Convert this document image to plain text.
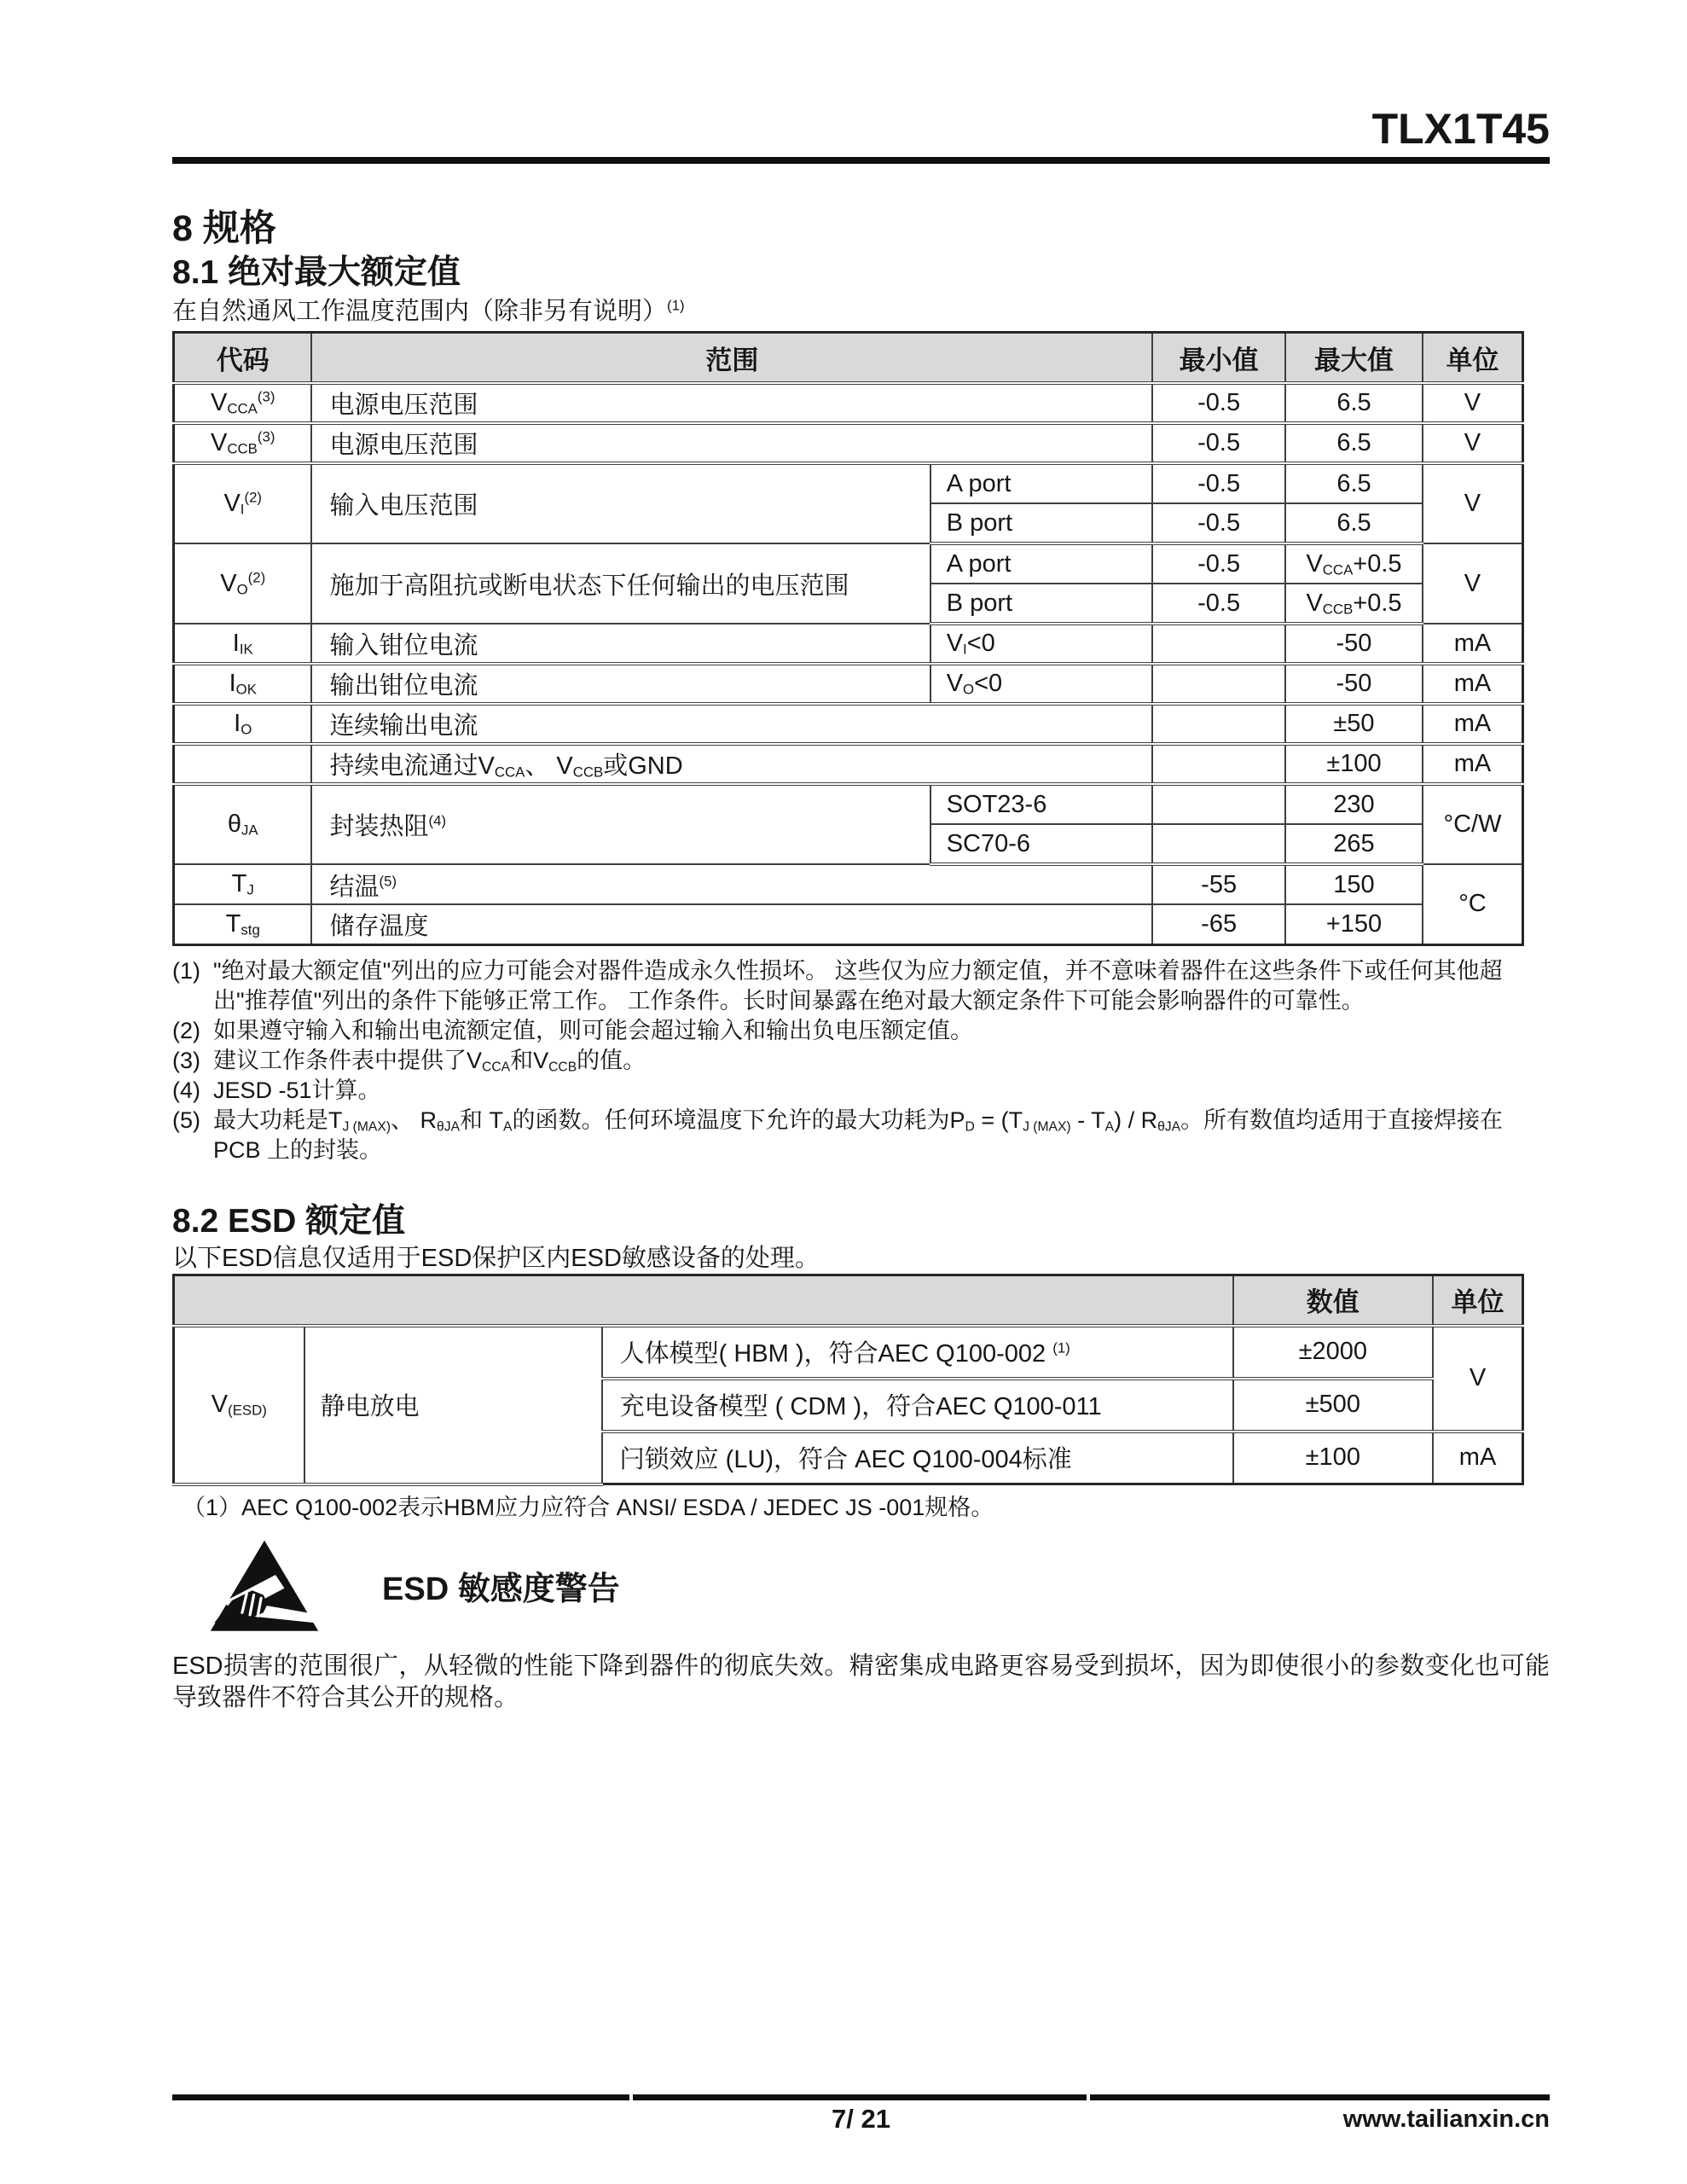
TLX1T45
8 规格
8.1 绝对最大额定值
在自然通风工作温度范围内（除非另有说明）$^{(1)}$
代码	范围		最小值	最大值	单位
$V_{CCA}^{(3)}$	电源电压范围		-0.5	6.5	V
$V_{CCB}^{(3)}$	电源电压范围		-0.5	6.5	V
$V_I^{(2)}$	输入电压范围	A port	-0.5	6.5	V
		B port	-0.5	6.5	
$V_O^{(2)}$	施加于高阻抗或断电状态下任何输出的电压范围	A port	-0.5	$V_{CCA}+0.5$	V
		B port	-0.5	$V_{CCB}+0.5$	
$I_{IK}$	输入钳位电流	$V_I<0$		-50	mA
$I_{OK}$	输出钳位电流	$V_O<0$		-50	mA
$I_O$	连续输出电流			±50	mA
	持续电流通过$V_{CCA}$、 $V_{CCB}$或GND			±100	mA
$\theta_{JA}$	封装热阻$^{(4)}$	SOT23-6		230	°C/W
		SC70-6		265	
$T_J$	结温$^{(5)}$		-55	150	°C
$T_{stg}$	储存温度		-65	+150	
(1) "绝对最大额定值"列出的应力可能会对器件造成永久性损坏。 这些仅为应力额定值，并不意味着器件在这些条件下或任何其他超出"推荐值"列出的条件下能够正常工作。 工作条件。长时间暴露在绝对最大额定条件下可能会影响器件的可靠性。
(2) 如果遵守输入和输出电流额定值，则可能会超过输入和输出负电压额定值。
(3) 建议工作条件表中提供了$V_{CCA}$和$V_{CCB}$的值。
(4) JESD -51计算。
(5) 最大功耗是$T_{J (MAX)}$、 $R_{\theta JA}$和 $T_A$的函数。任何环境温度下允许的最大功耗为$P_D = (T_{J (MAX)} - T_A) / R_{\theta JA}$。所有数值均适用于直接焊接在 PCB 上的封装。
8.2 ESD 额定值
以下ESD信息仅适用于ESD保护区内ESD敏感设备的处理。
			数值	单位
$V_{(ESD)}$	静电放电	人体模型( HBM )，符合AEC Q100-002 $^{(1)}$	±2000	V
		充电设备模型 ( CDM )，符合AEC Q100-011	±500	
		闩锁效应 (LU)，符合 AEC Q100-004标准	±100	mA
（1）AEC Q100-002表示HBM应力应符合 ANSI/ ESDA / JEDEC JS -001规格。
ESD 敏感度警告
ESD损害的范围很广，从轻微的性能下降到器件的彻底失效。精密集成电路更容易受到损坏，因为即使很小的参数变化也可能导致器件不符合其公开的规格。
7/ 21	www.tailianxin.cn
